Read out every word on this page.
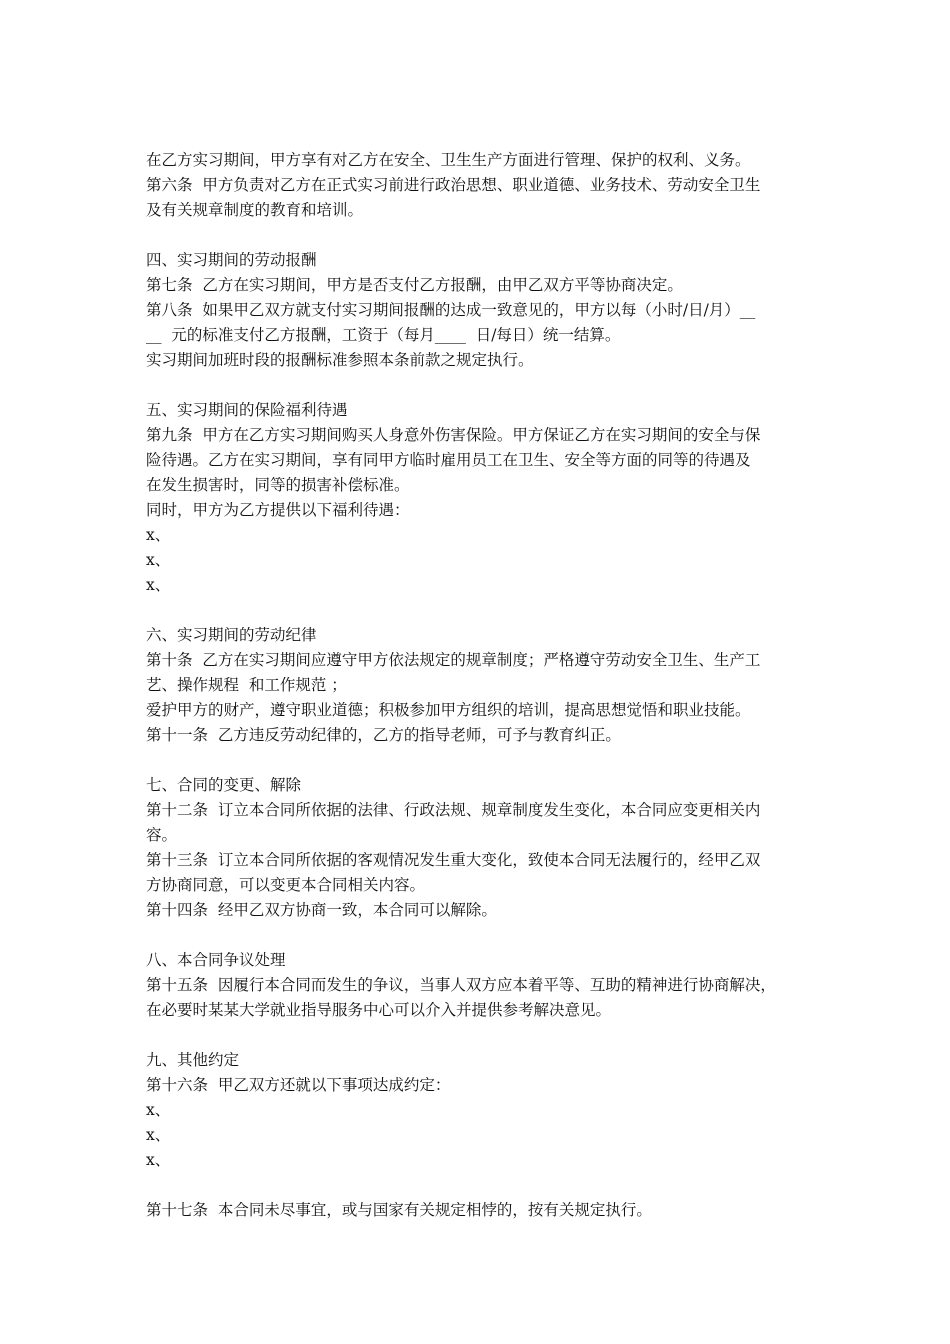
在乙方实习期间，甲方享有对乙方在安全、卫生生产方面进行管理、保护的权利、义务。
第六条  甲方负责对乙方在正式实习前进行政治思想、职业道德、业务技术、劳动安全卫生
及有关规章制度的教育和培训。
四、实习期间的劳动报酬
第七条  乙方在实习期间，甲方是否支付乙方报酬，由甲乙双方平等协商决定。
第八条  如果甲乙双方就支付实习期间报酬的达成一致意见的，甲方以每（小时/日/月）__
__  元的标准支付乙方报酬，工资于（每月____  日/每日）统一结算。
实习期间加班时段的报酬标准参照本条前款之规定执行。
五、实习期间的保险福利待遇
第九条  甲方在乙方实习期间购买人身意外伤害保险。甲方保证乙方在实习期间的安全与保
险待遇。乙方在实习期间，享有同甲方临时雇用员工在卫生、安全等方面的同等的待遇及
在发生损害时，同等的损害补偿标准。
同时，甲方为乙方提供以下福利待遇：
x、
x、
x、
六、实习期间的劳动纪律
第十条  乙方在实习期间应遵守甲方依法规定的规章制度；严格遵守劳动安全卫生、生产工
艺、操作规程  和工作规范 ；
爱护甲方的财产，遵守职业道德；积极参加甲方组织的培训，提高思想觉悟和职业技能。
第十一条  乙方违反劳动纪律的，乙方的指导老师，可予与教育纠正。
七、合同的变更、解除
第十二条  订立本合同所依据的法律、行政法规、规章制度发生变化，本合同应变更相关内
容。
第十三条  订立本合同所依据的客观情况发生重大变化，致使本合同无法履行的，经甲乙双
方协商同意，可以变更本合同相关内容。
第十四条  经甲乙双方协商一致，本合同可以解除。
八、本合同争议处理
第十五条  因履行本合同而发生的争议，当事人双方应本着平等、互助的精神进行协商解决，
在必要时某某大学就业指导服务中心可以介入并提供参考解决意见。
九、其他约定
第十六条  甲乙双方还就以下事项达成约定：
x、
x、
x、
第十七条  本合同未尽事宜，或与国家有关规定相悖的，按有关规定执行。
